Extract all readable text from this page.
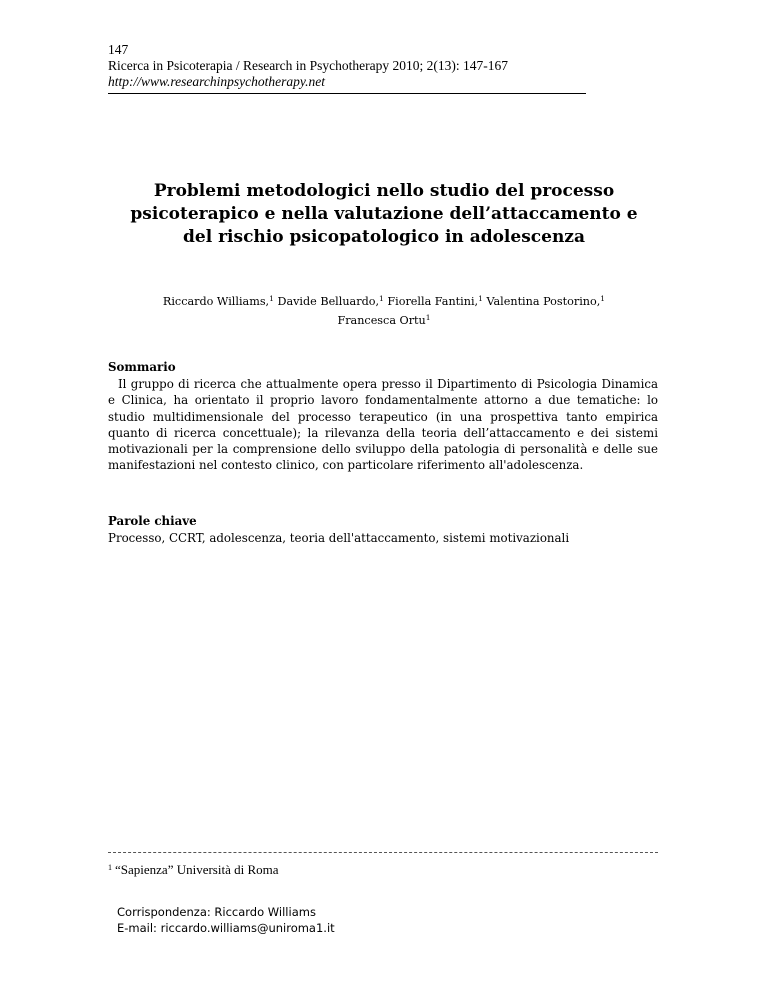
147
Ricerca in Psicoterapia / Research in Psychotherapy 2010; 2(13): 147-167
http://www.researchinpsychotherapy.net
Problemi metodologici nello studio del processo
psicoterapico e nella valutazione dell’attaccamento e
del rischio psicopatologico in adolescenza
Riccardo Williams,$^1$ Davide Belluardo,$^1$ Fiorella Fantini,$^1$ Valentina Postorino,$^1$
Francesca Ortu$^1$
Sommario
Il gruppo di ricerca che attualmente opera presso il Dipartimento di Psicologia Dinamica e Clinica, ha orientato il proprio lavoro fondamentalmente attorno a due tematiche: lo studio multidimensionale del processo terapeutico (in una prospettiva tanto empirica quanto di ricerca concettuale); la rilevanza della teoria dell’attaccamento e dei sistemi motivazionali per la comprensione dello sviluppo della patologia di personalità e delle sue manifestazioni nel contesto clinico, con particolare riferimento all'adolescenza.
Parole chiave
Processo, CCRT, adolescenza, teoria dell'attaccamento, sistemi motivazionali
$^1$ “Sapienza” Università di Roma
Corrispondenza: Riccardo Williams
E-mail: riccardo.williams@uniroma1.it
